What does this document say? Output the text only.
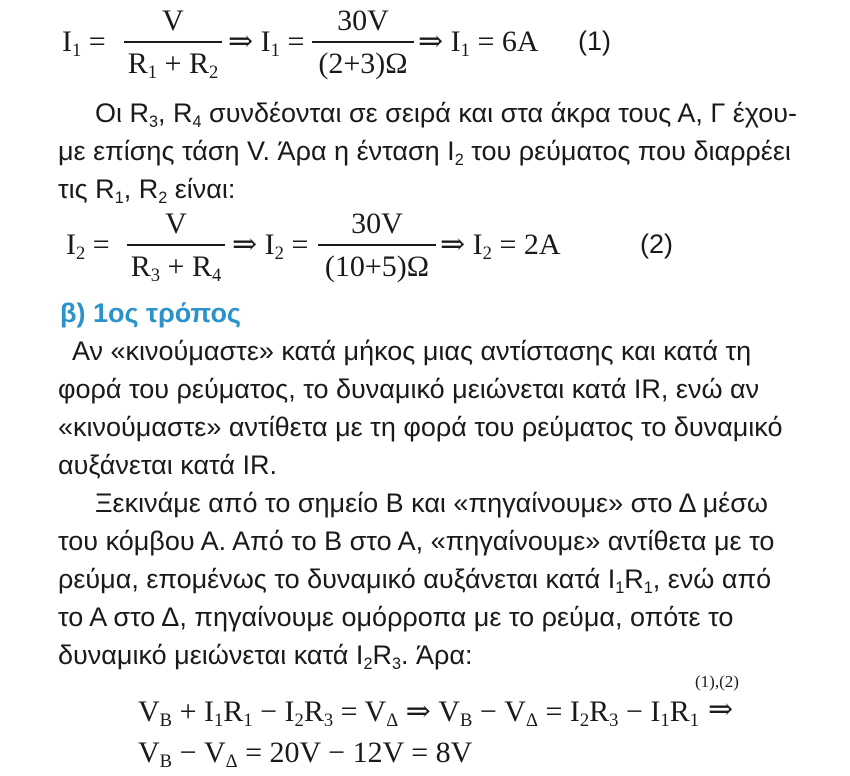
$I_1$ =
V
$R_1 + R_2$
⇒ $I_1$ =
30V
(2+3)Ω
⇒ $I_1 = 6A$ (1)
Οι $R_3$, $R_4$ συνδέονται σε σειρά και στα άκρα τους Α, Γ έχου-
με επίσης τάση V. Άρα η ένταση $I_2$ του ρεύματος που διαρρέει
τις $R_1$, $R_2$ είναι:
$I_2$ =
V
$R_3 + R_4$
⇒ $I_2$ =
30V
(10+5)Ω
⇒ $I_2 = 2A$	(2)
β) 1ος τρόπος
Αν «κινούμαστε» κατά μήκος μιας αντίστασης και κατά τη
φορά του ρεύματος, το δυναμικό μειώνεται κατά IR, ενώ αν
«κινούμαστε» αντίθετα με τη φορά του ρεύματος το δυναμικό
αυξάνεται κατά IR.
Ξεκινάμε από το σημείο Β και «πηγαίνουμε» στο Δ μέσω
του κόμβου Α. Από το Β στο Α, «πηγαίνουμε» αντίθετα με το
ρεύμα, επομένως το δυναμικό αυξάνεται κατά $I_1R_1$, ενώ από
το Α στο Δ, πηγαίνουμε ομόρροπα με το ρεύμα, οπότε το
δυναμικό μειώνεται κατά $I_2R_3$. Άρα:
$V_B + I_1R_1 - I_2R_3 = V_\Delta$ ⇒ $V_B - V_\Delta = I_2R_3 - I_1R_1$
(1),(2)
⇒
$V_B - V_\Delta = 20V - 12V = 8V$
